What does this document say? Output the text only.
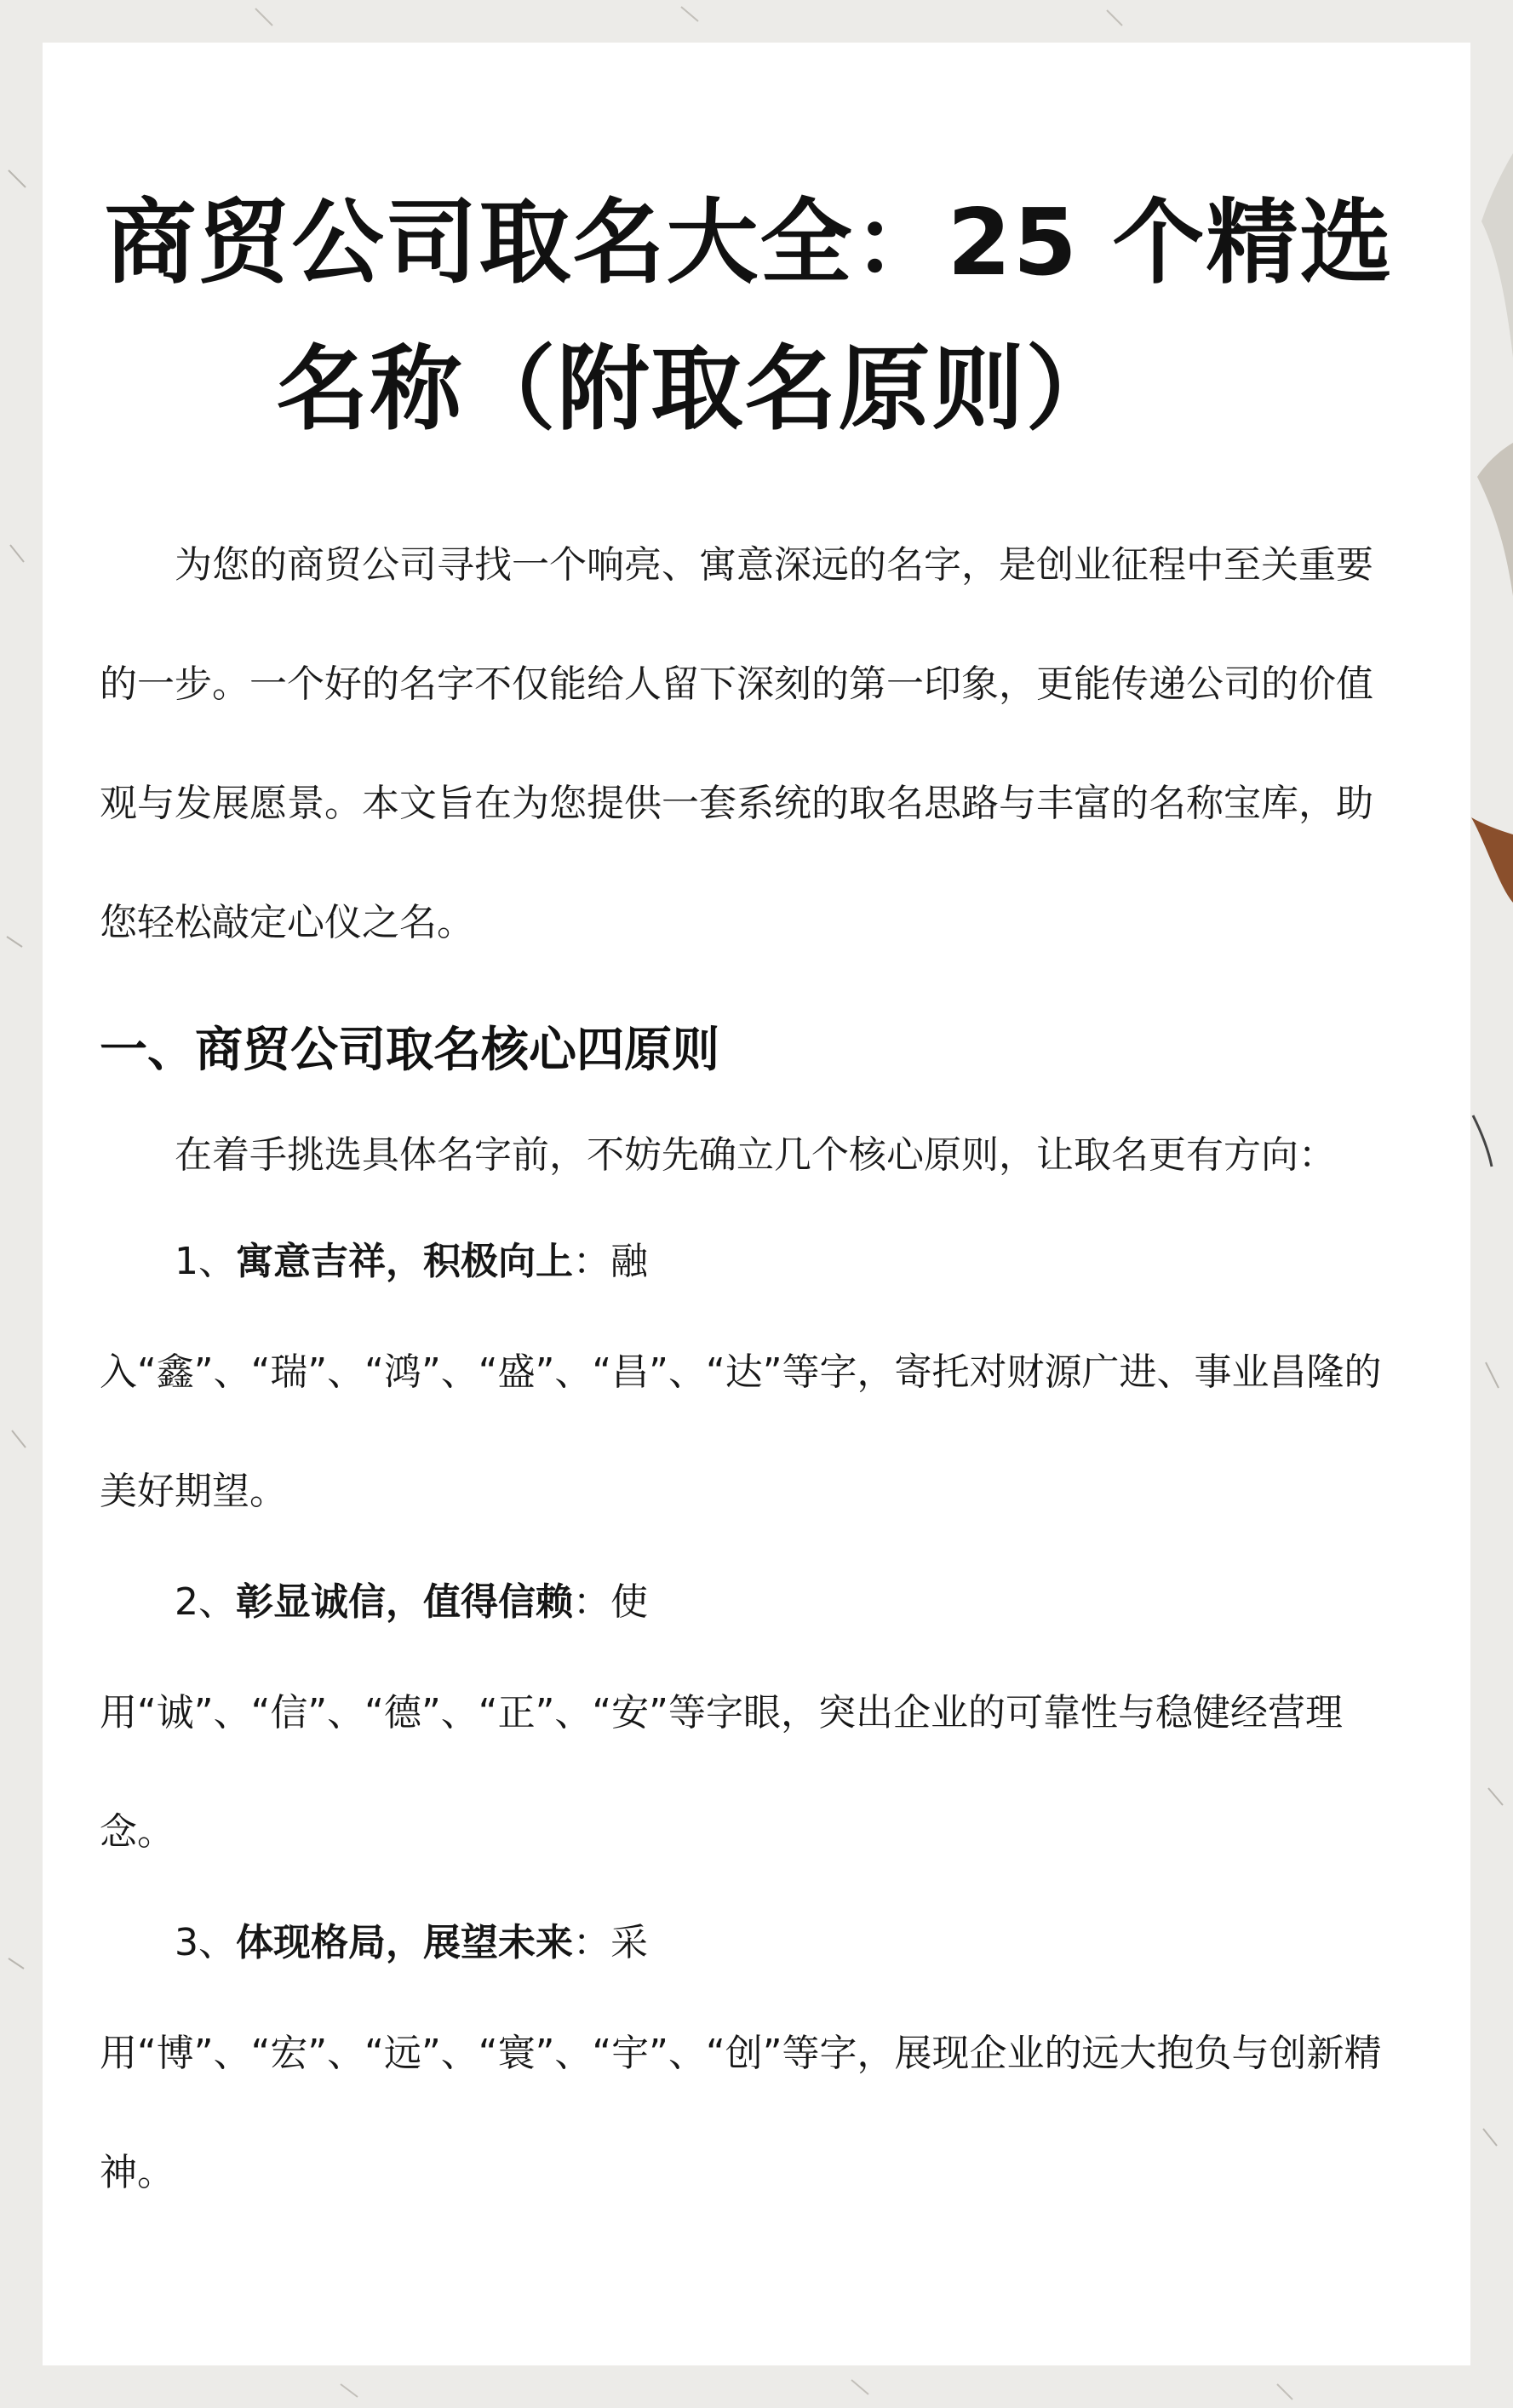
商贸公司取名大全：25 个精选
名称（附取名原则）

为您的商贸公司寻找一个响亮、寓意深远的名字，是创业征程中至关重要的一步。一个好的名字不仅能给人留下深刻的第一印象，更能传递公司的价值观与发展愿景。本文旨在为您提供一套系统的取名思路与丰富的名称宝库，助您轻松敲定心仪之名。

一、商贸公司取名核心四原则

在着手挑选具体名字前，不妨先确立几个核心原则，让取名更有方向：

1、寓意吉祥，积极向上：融

入“鑫”、“瑞”、“鸿”、“盛”、“昌”、“达”等字，寄托对财源广进、事业昌隆的美好期望。

2、彰显诚信，值得信赖：使

用“诚”、“信”、“德”、“正”、“安”等字眼，突出企业的可靠性与稳健经营理念。

3、体现格局，展望未来：采

用“博”、“宏”、“远”、“寰”、“宇”、“创”等字，展现企业的远大抱负与创新精神。
